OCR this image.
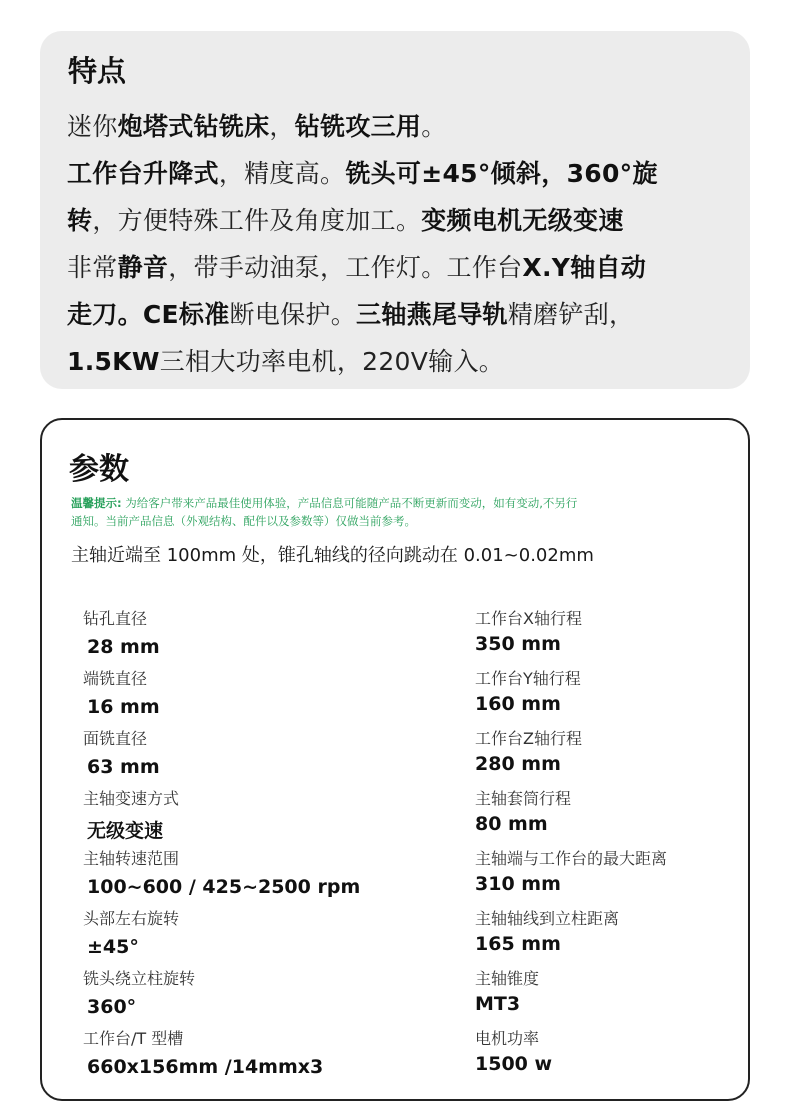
特点
迷你炮塔式钻铣床，钻铣攻三用。
工作台升降式，精度高。铣头可±45°倾斜，360°旋
转，方便特殊工件及角度加工。变频电机无级变速
非常静音，带手动油泵，工作灯。工作台X.Y轴自动
走刀。CE标准断电保护。三轴燕尾导轨精磨铲刮，
1.5KW三相大功率电机，220V输入。
参数
温馨提示: 为给客户带来产品最佳使用体验，产品信息可能随产品不断更新而变动，如有变动,不另行
通知。当前产品信息（外观结构、配件以及参数等）仅做当前参考。
主轴近端至 100mm 处，锥孔轴线的径向跳动在 0.01~0.02mm
钻孔直径
28 mm
端铣直径
16 mm
面铣直径
63 mm
主轴变速方式
无级变速
主轴转速范围
100~600 / 425~2500 rpm
头部左右旋转
±45°
铣头绕立柱旋转
360°
工作台/T 型槽
660x156mm /14mmx3
工作台X轴行程
350 mm
工作台Y轴行程
160 mm
工作台Z轴行程
280 mm
主轴套筒行程
80 mm
主轴端与工作台的最大距离
310 mm
主轴轴线到立柱距离
165 mm
主轴锥度
MT3
电机功率
1500 w
